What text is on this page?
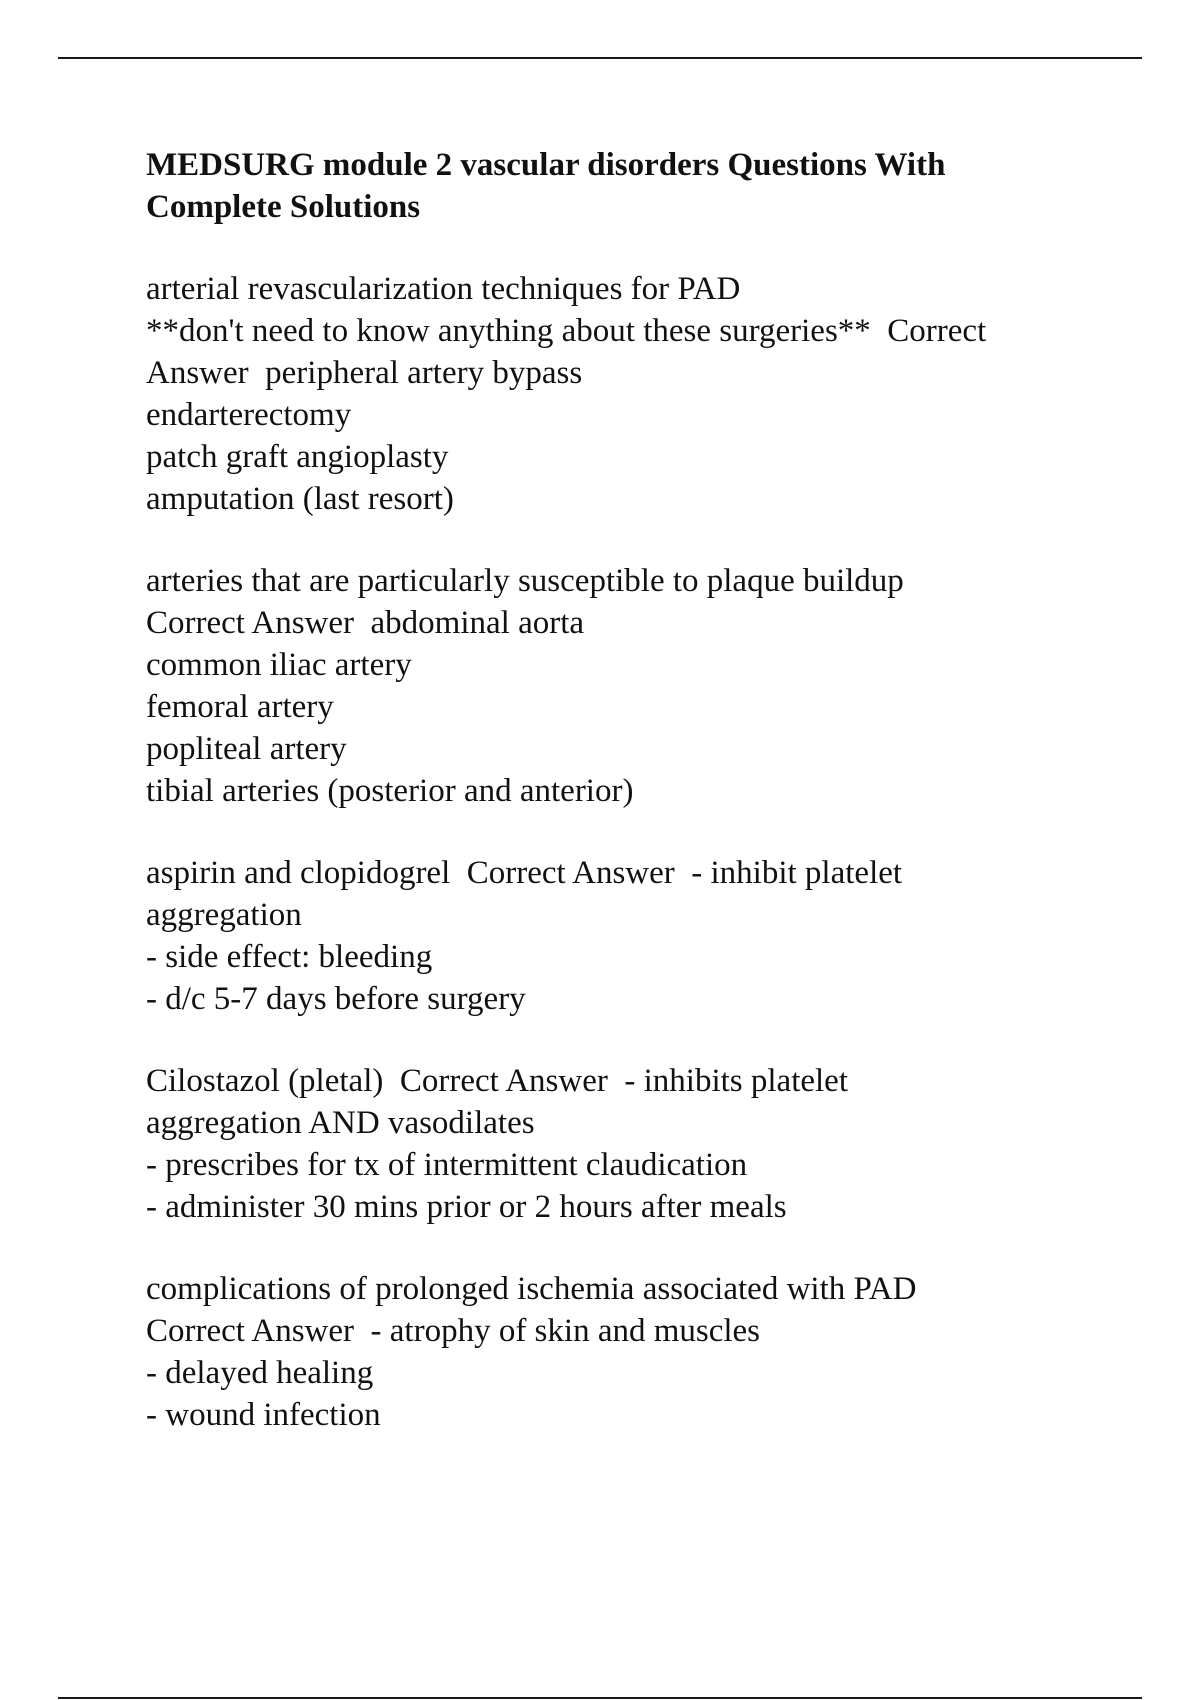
MEDSURG module 2 vascular disorders Questions With
Complete Solutions

arterial revascularization techniques for PAD
**don't need to know anything about these surgeries**  Correct
Answer  peripheral artery bypass
endarterectomy
patch graft angioplasty
amputation (last resort)

arteries that are particularly susceptible to plaque buildup
Correct Answer  abdominal aorta
common iliac artery
femoral artery
popliteal artery
tibial arteries (posterior and anterior)

aspirin and clopidogrel  Correct Answer  - inhibit platelet
aggregation
- side effect: bleeding
- d/c 5-7 days before surgery

Cilostazol (pletal)  Correct Answer  - inhibits platelet
aggregation AND vasodilates
- prescribes for tx of intermittent claudication
- administer 30 mins prior or 2 hours after meals

complications of prolonged ischemia associated with PAD
Correct Answer  - atrophy of skin and muscles
- delayed healing
- wound infection
